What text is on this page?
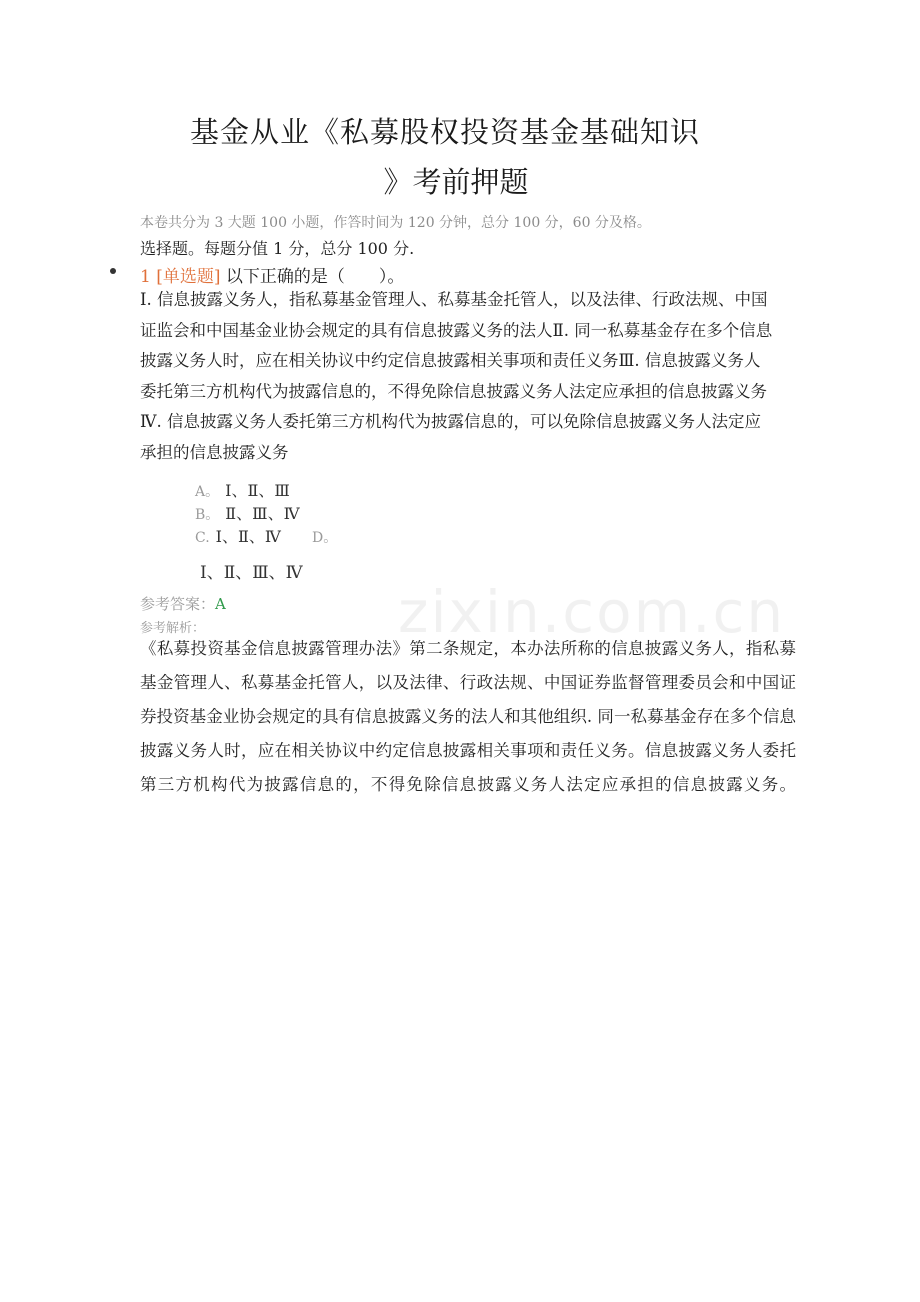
zixin.com.cn
基金从业《私募股权投资基金基础知识
》考前押题
本卷共分为 3 大题 100 小题，作答时间为 120 分钟，总分 100 分，60 分及格。
选择题。每题分值 1 分，总分 100 分.
1 [单选题] 以下正确的是（　　）。
Ⅰ. 信息披露义务人，指私募基金管理人、私募基金托管人，以及法律、行政法规、中国证监会和中国基金业协会规定的具有信息披露义务的法人Ⅱ. 同一私募基金存在多个信息披露义务人时，应在相关协议中约定信息披露相关事项和责任义务Ⅲ. 信息披露义务人委托第三方机构代为披露信息的，不得免除信息披露义务人法定应承担的信息披露义务Ⅳ. 信息披露义务人委托第三方机构代为披露信息的，可以免除信息披露义务人法定应承担的信息披露义务
A。 Ⅰ、Ⅱ、Ⅲ
B。 Ⅱ、Ⅲ、Ⅳ
C. Ⅰ、Ⅱ、Ⅳ D。
Ⅰ、Ⅱ、Ⅲ、Ⅳ
参考答案：A
参考解析：
《私募投资基金信息披露管理办法》第二条规定，本办法所称的信息披露义务人，指私募基金管理人、私募基金托管人，以及法律、行政法规、中国证券监督管理委员会和中国证券投资基金业协会规定的具有信息披露义务的法人和其他组织. 同一私募基金存在多个信息披露义务人时，应在相关协议中约定信息披露相关事项和责任义务。信息披露义务人委托第三方机构代为披露信息的，不得免除信息披露义务人法定应承担的信息披露义务。
